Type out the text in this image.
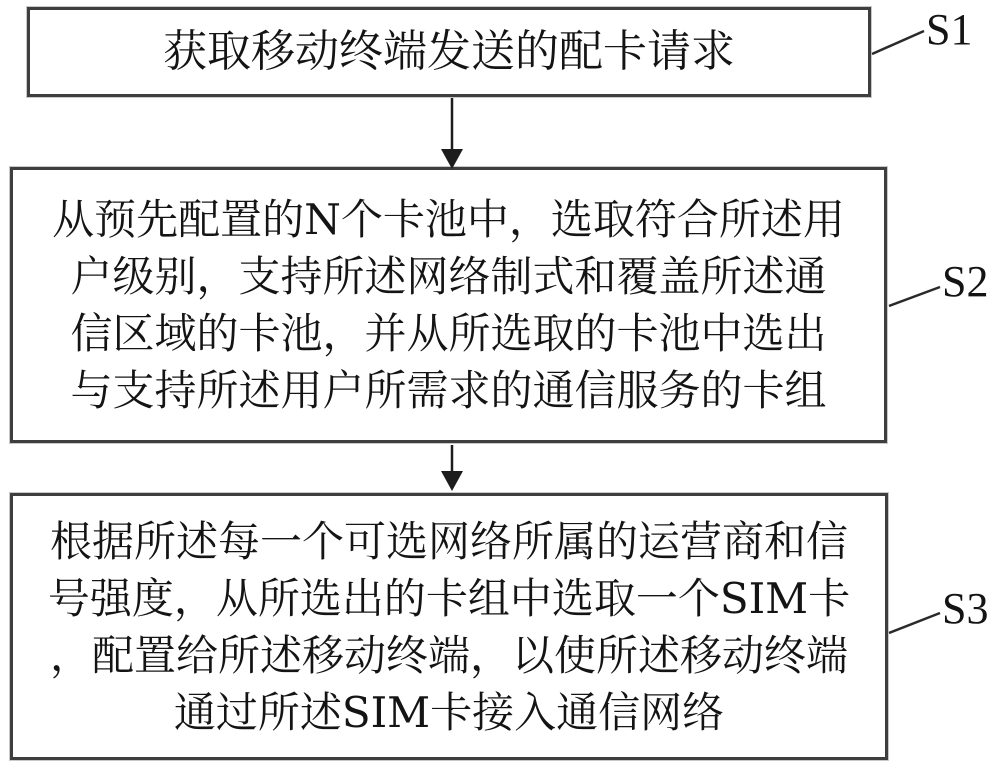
获取移动终端发送的配卡请求
从预先配置的N个卡池中，选取符合所述用
户级别，支持所述网络制式和覆盖所述通
信区域的卡池，并从所选取的卡池中选出
与支持所述用户所需求的通信服务的卡组
根据所述每一个可选网络所属的运营商和信
号强度，从所选出的卡组中选取一个SIM卡
，配置给所述移动终端，以使所述移动终端
通过所述SIM卡接入通信网络
S1
S2
S3
